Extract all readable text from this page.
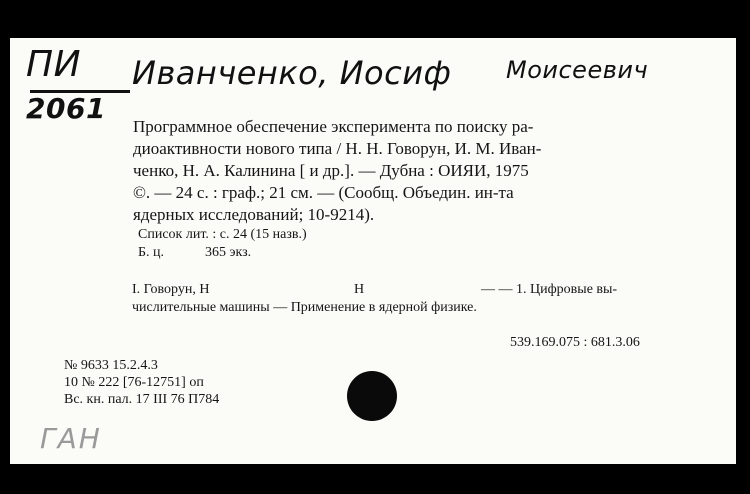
ПИ
2061
Иванченко, Иосиф Моисеевич
Программное обеспечение эксперимента по поиску ра-
диоактивности нового типа / Н. Н. Говорун, И. М. Иван-
ченко, Н. А. Калинина [ и др.]. — Дубна : ОИЯИ, 1975
©. — 24 с. : граф.; 21 см. — (Сообщ. Объедин. ин-та
ядерных исследований; 10-9214).
Список лит. : с. 24 (15 назв.)
Б. ц.	365 экз.
I. Говорун, Н	Н	— — 1. Цифровые вы-
числительные машины — Применение в ядерной физике.
539.169.075 : 681.3.06
№ 9633 15.2.4.3
10 № 222 [76-12751] оп
Вс. кн. пал. 17 III 76 П784
ГАН
